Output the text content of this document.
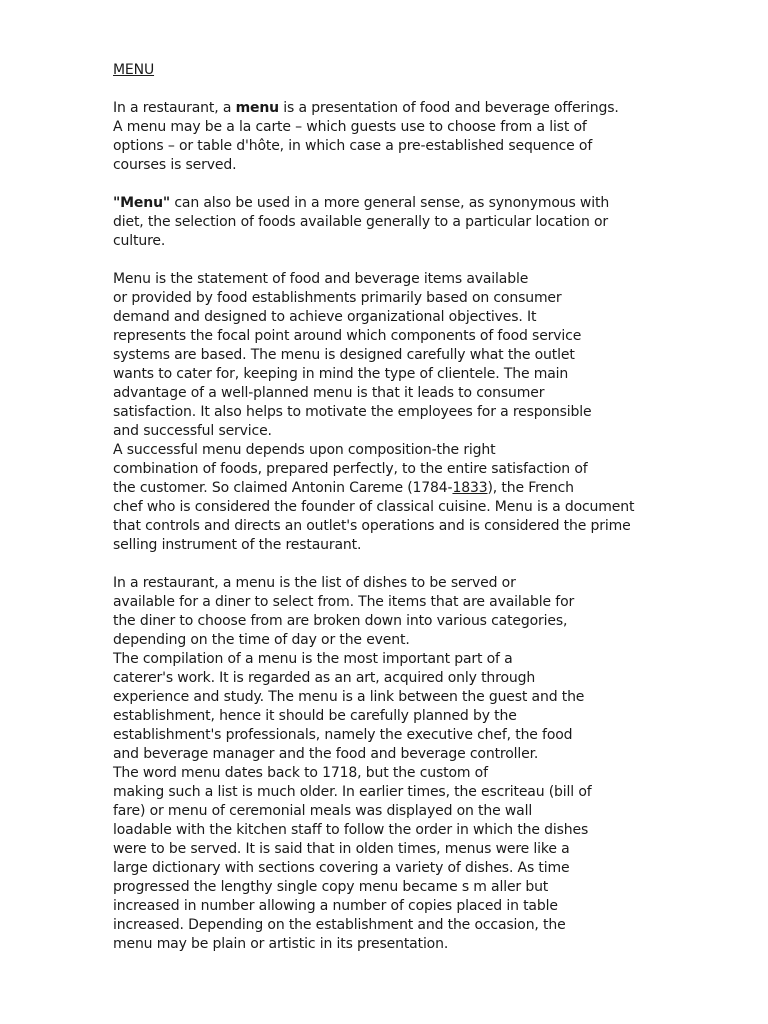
MENU
In a restaurant, a menu is a presentation of food and beverage offerings.
A menu may be a la carte – which guests use to choose from a list of
options – or table d'hôte, in which case a pre-established sequence of
courses is served.
"Menu" can also be used in a more general sense, as synonymous with
diet, the selection of foods available generally to a particular location or
culture.
Menu is the statement of food and beverage items available
or provided by food establishments primarily based on consumer
demand and designed to achieve organizational objectives. It
represents the focal point around which components of food service
systems are based. The menu is designed carefully what the outlet
wants to cater for, keeping in mind the type of clientele. The main
advantage of a well-planned menu is that it leads to consumer
satisfaction. It also helps to motivate the employees for a responsible
and successful service.
A successful menu depends upon composition-the right
combination of foods, prepared perfectly, to the entire satisfaction of
the customer. So claimed Antonin Careme (1784-1833), the French
chef who is considered the founder of classical cuisine. Menu is a document
that controls and directs an outlet's operations and is considered the prime
selling instrument of the restaurant.
In a restaurant, a menu is the list of dishes to be served or
available for a diner to select from. The items that are available for
the diner to choose from are broken down into various categories,
depending on the time of day or the event.
The compilation of a menu is the most important part of a
caterer's work. It is regarded as an art, acquired only through
experience and study. The menu is a link between the guest and the
establishment, hence it should be carefully planned by the
establishment's professionals, namely the executive chef, the food
and beverage manager and the food and beverage controller.
The word menu dates back to 1718, but the custom of
making such a list is much older. In earlier times, the escriteau (bill of
fare) or menu of ceremonial meals was displayed on the wall
loadable with the kitchen staff to follow the order in which the dishes
were to be served. It is said that in olden times, menus were like a
large dictionary with sections covering a variety of dishes. As time
progressed the lengthy single copy menu became s m aller but
increased in number allowing a number of copies placed in table
increased. Depending on the establishment and the occasion, the
menu may be plain or artistic in its presentation.
